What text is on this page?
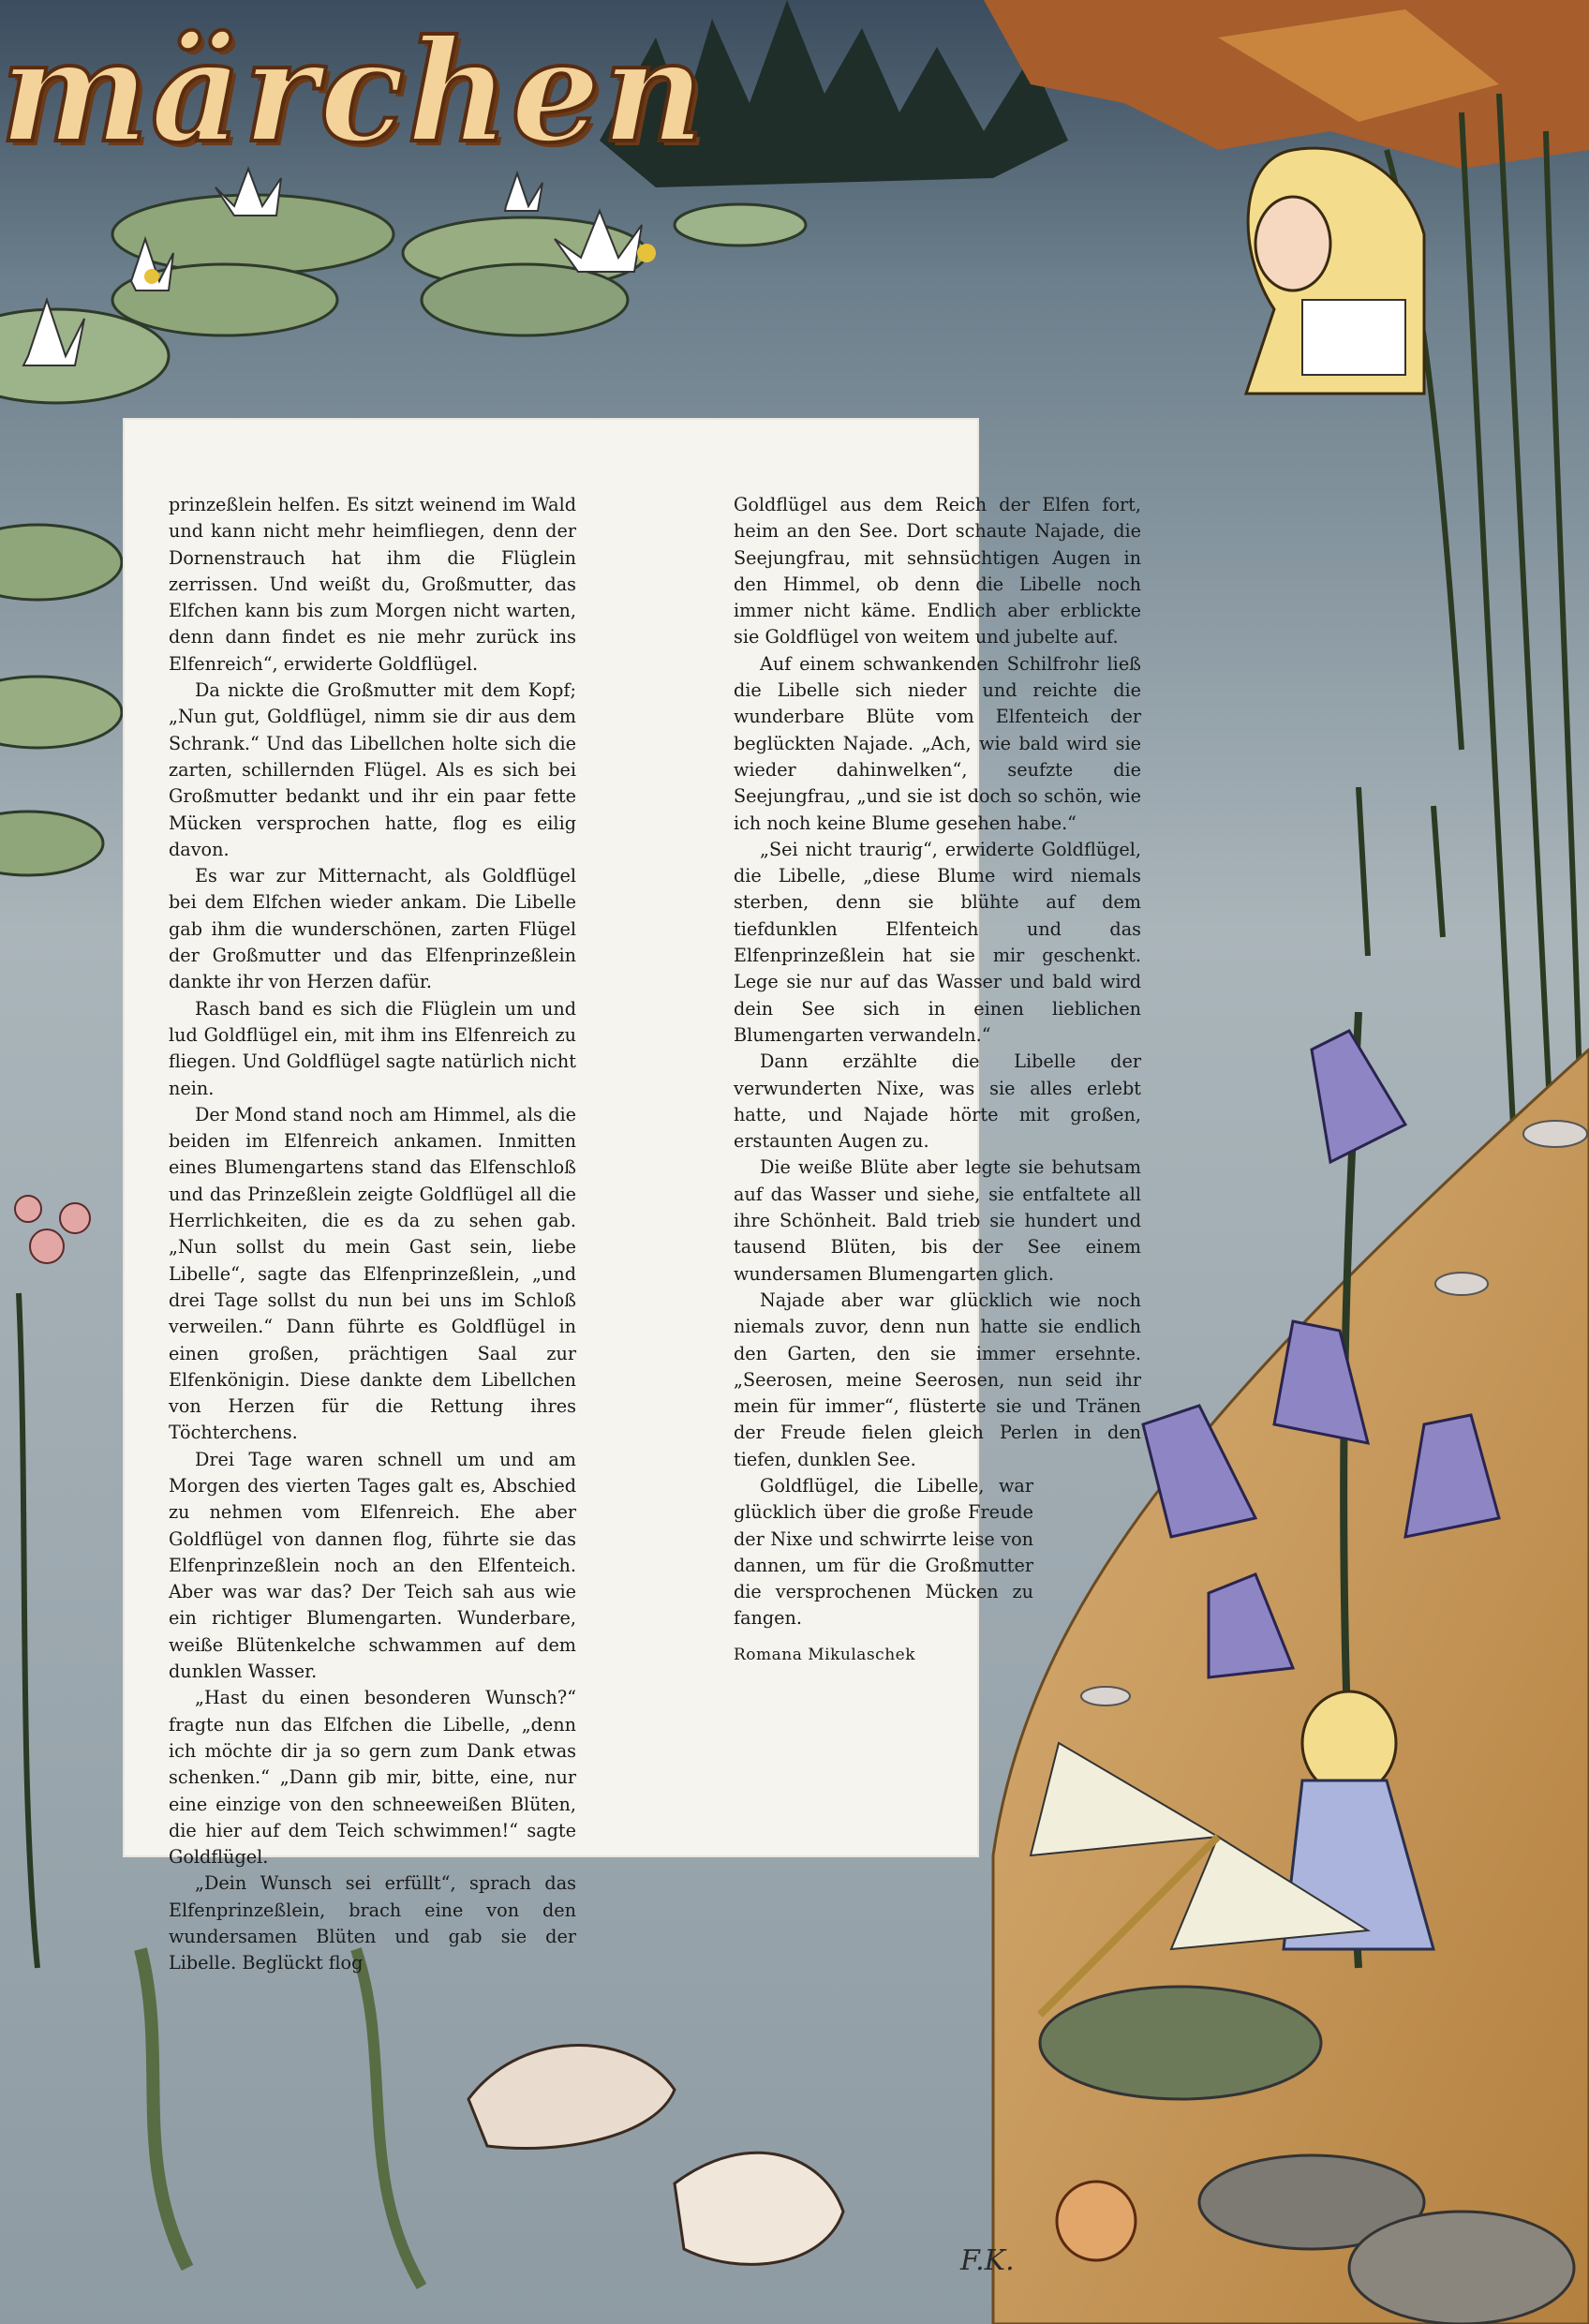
märchen

prinzeßlein helfen. Es sitzt weinend im Wald und kann nicht mehr heimfliegen, denn der Dornenstrauch hat ihm die Flüglein zerrissen. Und weißt du, Großmutter, das Elfchen kann bis zum Morgen nicht warten, denn dann findet es nie mehr zurück ins Elfenreich“, erwiderte Goldflügel.

Da nickte die Großmutter mit dem Kopf; „Nun gut, Goldflügel, nimm sie dir aus dem Schrank.“ Und das Libellchen holte sich die zarten, schillernden Flügel. Als es sich bei Großmutter bedankt und ihr ein paar fette Mücken versprochen hatte, flog es eilig davon.

Es war zur Mitternacht, als Goldflügel bei dem Elfchen wieder ankam. Die Libelle gab ihm die wunderschönen, zarten Flügel der Großmutter und das Elfenprinzeßlein dankte ihr von Herzen dafür.

Rasch band es sich die Flüglein um und lud Goldflügel ein, mit ihm ins Elfenreich zu fliegen. Und Goldflügel sagte natürlich nicht nein.

Der Mond stand noch am Himmel, als die beiden im Elfenreich ankamen. Inmitten eines Blumengartens stand das Elfenschloß und das Prinzeßlein zeigte Goldflügel all die Herrlichkeiten, die es da zu sehen gab. „Nun sollst du mein Gast sein, liebe Libelle“, sagte das Elfenprinzeßlein, „und drei Tage sollst du nun bei uns im Schloß verweilen.“ Dann führte es Goldflügel in einen großen, prächtigen Saal zur Elfenkönigin. Diese dankte dem Libellchen von Herzen für die Rettung ihres Töchterchens.

Drei Tage waren schnell um und am Morgen des vierten Tages galt es, Abschied zu nehmen vom Elfenreich. Ehe aber Goldflügel von dannen flog, führte sie das Elfenprinzeßlein noch an den Elfenteich. Aber was war das? Der Teich sah aus wie ein richtiger Blumengarten. Wunderbare, weiße Blütenkelche schwammen auf dem dunklen Wasser.

„Hast du einen besonderen Wunsch?“ fragte nun das Elfchen die Libelle, „denn ich möchte dir ja so gern zum Dank etwas schenken.“ „Dann gib mir, bitte, eine, nur eine einzige von den schneeweißen Blüten, die hier auf dem Teich schwimmen!“ sagte Goldflügel.

„Dein Wunsch sei erfüllt“, sprach das Elfenprinzeßlein, brach eine von den wundersamen Blüten und gab sie der Libelle. Beglückt flog

Goldflügel aus dem Reich der Elfen fort, heim an den See. Dort schaute Najade, die Seejungfrau, mit sehnsüchtigen Augen in den Himmel, ob denn die Libelle noch immer nicht käme. Endlich aber erblickte sie Goldflügel von weitem und jubelte auf.

Auf einem schwankenden Schilfrohr ließ die Libelle sich nieder und reichte die wunderbare Blüte vom Elfenteich der beglückten Najade. „Ach, wie bald wird sie wieder dahinwelken“, seufzte die Seejungfrau, „und sie ist doch so schön, wie ich noch keine Blume gesehen habe.“

„Sei nicht traurig“, erwiderte Goldflügel, die Libelle, „diese Blume wird niemals sterben, denn sie blühte auf dem tiefdunklen Elfenteich und das Elfenprinzeßlein hat sie mir geschenkt. Lege sie nur auf das Wasser und bald wird dein See sich in einen lieblichen Blumengarten verwandeln.“

Dann erzählte die Libelle der verwunderten Nixe, was sie alles erlebt hatte, und Najade hörte mit großen, erstaunten Augen zu.

Die weiße Blüte aber legte sie behutsam auf das Wasser und siehe, sie entfaltete all ihre Schönheit. Bald trieb sie hundert und tausend Blüten, bis der See einem wundersamen Blumengarten glich.

Najade aber war glücklich wie noch niemals zuvor, denn nun hatte sie endlich den Garten, den sie immer ersehnte. „Seerosen, meine Seerosen, nun seid ihr mein für immer“, flüsterte sie und Tränen der Freude fielen gleich Perlen in den tiefen, dunklen See.

Goldflügel, die Libelle, war glücklich über die große Freude der Nixe und schwirrte leise von dannen, um für die Großmutter die versprochenen Mücken zu fangen.

Romana Mikulaschek

F.K.
